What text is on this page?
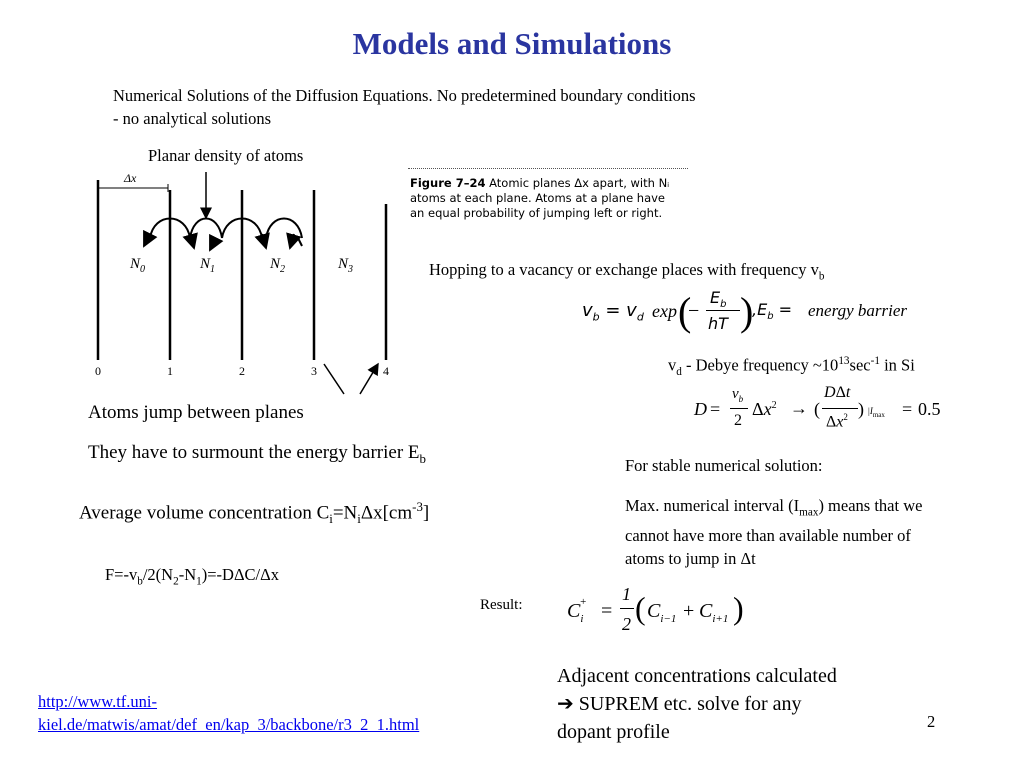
Models and Simulations
Numerical Solutions of the Diffusion Equations. No predetermined boundary conditions
- no analytical solutions
Planar density of atoms
Δx
$N_0$	$N_1$	$N_2$	$N_3$
0	1	2	3	4
Figure 7–24 Atomic planes Δx apart, with Nᵢ atoms at each plane. Atoms at a plane have an equal probability of jumping left or right.
Hopping to a vacancy or exchange places with frequency $v_b$
$v_b = v_d$ exp (
−
$E_b$
hT )
$,E_b$ = energy barrier
$v_d$ - Debye frequency $\sim 10^{13}\sec^{-1}$ in Si
D =
$v_b$
2
$\Delta x^2$ → (
DΔt
$\Delta x^2$ ) $|I_{max} = 0.5$
For stable numerical solution:
Max. numerical interval $(I_{max})$ means that we
cannot have more than available number of
atoms to jump in Δt
Atoms jump between planes
They have to surmount the energy barrier $E_b$
Average volume concentration $C_i=N_i\Delta x[cm^{-3}]$
$F=-v_b/2(N_2-N_1)=-D\Delta C/\Delta x$
Result: $C_i^+$ =
1
2 ( $C_{i-1} + C_{i+1}$ )
Adjacent concentrations calculated
➔ SUPREM etc. solve for any
dopant profile
http://www.tf.uni-
kiel.de/matwis/amat/def_en/kap_3/backbone/r3_2_1.html	2
